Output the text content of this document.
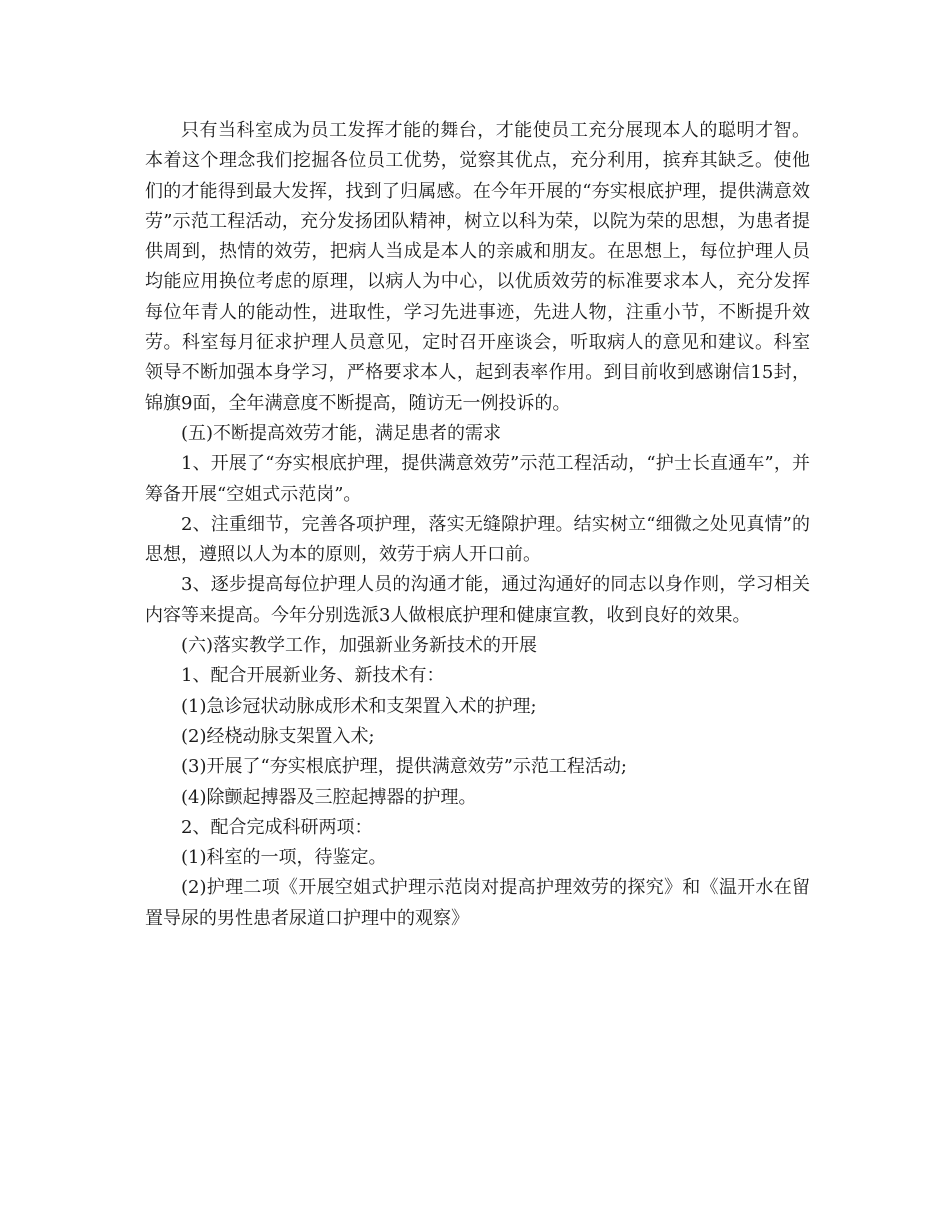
只有当科室成为员工发挥才能的舞台，才能使员工充分展现本人的聪明才智。本着这个理念我们挖掘各位员工优势，觉察其优点，充分利用，摈弃其缺乏。使他们的才能得到最大发挥，找到了归属感。在今年开展的“夯实根底护理，提供满意效劳”示范工程活动，充分发扬团队精神，树立以科为荣，以院为荣的思想，为患者提供周到，热情的效劳，把病人当成是本人的亲戚和朋友。在思想上，每位护理人员均能应用换位考虑的原理，以病人为中心，以优质效劳的标准要求本人，充分发挥每位年青人的能动性，进取性，学习先进事迹，先进人物，注重小节，不断提升效劳。科室每月征求护理人员意见，定时召开座谈会，听取病人的意见和建议。科室领导不断加强本身学习，严格要求本人，起到表率作用。到目前收到感谢信15封，锦旗9面，全年满意度不断提高，随访无一例投诉的。

(五)不断提高效劳才能，满足患者的需求

1、开展了“夯实根底护理，提供满意效劳”示范工程活动，“护士长直通车”，并筹备开展“空姐式示范岗”。

2、注重细节，完善各项护理，落实无缝隙护理。结实树立“细微之处见真情”的思想，遵照以人为本的原则，效劳于病人开口前。

3、逐步提高每位护理人员的沟通才能，通过沟通好的同志以身作则，学习相关内容等来提高。今年分别选派3人做根底护理和健康宣教，收到良好的效果。

(六)落实教学工作，加强新业务新技术的开展

1、配合开展新业务、新技术有：

(1)急诊冠状动脉成形术和支架置入术的护理;

(2)经桡动脉支架置入术;

(3)开展了“夯实根底护理，提供满意效劳”示范工程活动;

(4)除颤起搏器及三腔起搏器的护理。

2、配合完成科研两项：

(1)科室的一项，待鉴定。

(2)护理二项《开展空姐式护理示范岗对提高护理效劳的探究》和《温开水在留置导尿的男性患者尿道口护理中的观察》
